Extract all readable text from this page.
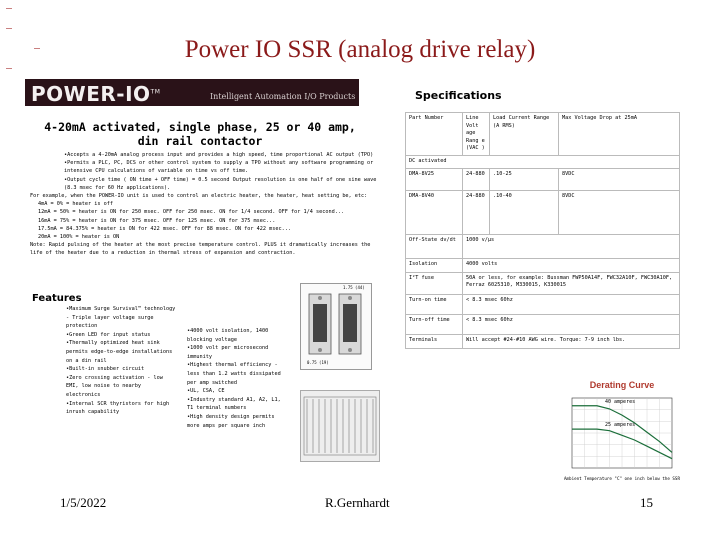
Power IO SSR (analog drive relay)
POWER-IO™
Intelligent Automation I/O Products	Specifications
4-20mA activated, single phase, 25 or 40 amp, din rail contactor
•Accepts a 4-20mA analog process input and provides a high speed, time proportional AC output (TPO)
•Permits a PLC, PC, DCS or other control system to supply a TPO without any software programming or intensive CPU calculations of variable on time vs off time.
•Output cycle time ( ON time + OFF time) = 0.5 second Output resolution is one half of one sine wave (8.3 msec for 60 Hz applications).
For example, when the POWER-IO unit is used to control an electric heater, the heater, heat setting be, etc:
4mA = 0% = heater is off
12mA = 50% = heater is ON for 250 msec. OFF for 250 msec. ON for 1/4 second. OFF for 1/4 second...
16mA = 75% = heater is ON for 375 msec. OFF for 125 msec. ON for 375 msec...
17.5mA = 84.375% = heater is ON for 422 msec. OFF for 88 msec. ON for 422 msec...
20mA = 100% = heater is ON
Note: Rapid pulsing of the heater at the most precise temperature control. PLUS it dramatically increases the life of the heater due to a reduction in thermal stress of expansion and contraction.
Features
•Maximum Surge Survival™ technology - Triple layer voltage surge protection
•Green LED for input status
•Thermally optimized heat sink permits edge-to-edge installations on a din rail
•Built-in snubber circuit
•Zero crossing activation - low EMI, low noise to nearby electronics
•Internal SCR thyristors for high inrush capability
•4000 volt isolation, 1400 blocking voltage
•1000 volt per microsecond immunity
•Highest thermal efficiency - less than 1.2 watts dissipated per amp switched
•UL, CSA, CE
•Industry standard A1, A2, L1, T1 terminal numbers
•High density design permits more amps per square inch
1.75 (44)
0.75 (19)
Part Number	Line Volt age Rang e (VAC )	Load Current Range (A RMS)	Max Voltage Drop at 25mA
DC activated			
DMA-8V25	24-880	.10-25	8VDC
DMA-8V40	24-880	.10-40	8VDC
Off-State dv/dt	1000 v/µs		
Isolation	4000 volts		
I²T fuse	50A or less, for example: Bussman FWP50A14F, FWC32A10F, FWC30A10F, Ferraz 6025310, M330015, K330015		
Turn-on time	< 8.3 msec 60hz		
Turn-off time	< 8.3 msec 60hz		
Terminals	Will accept #24-#10 AWG wire. Torque: 7-9 inch lbs.		
Derating Curve
40 amperes
25 amperes
Ambient Temperature "C" one inch below the SSR
1/5/2022	R.Gernhardt	15
